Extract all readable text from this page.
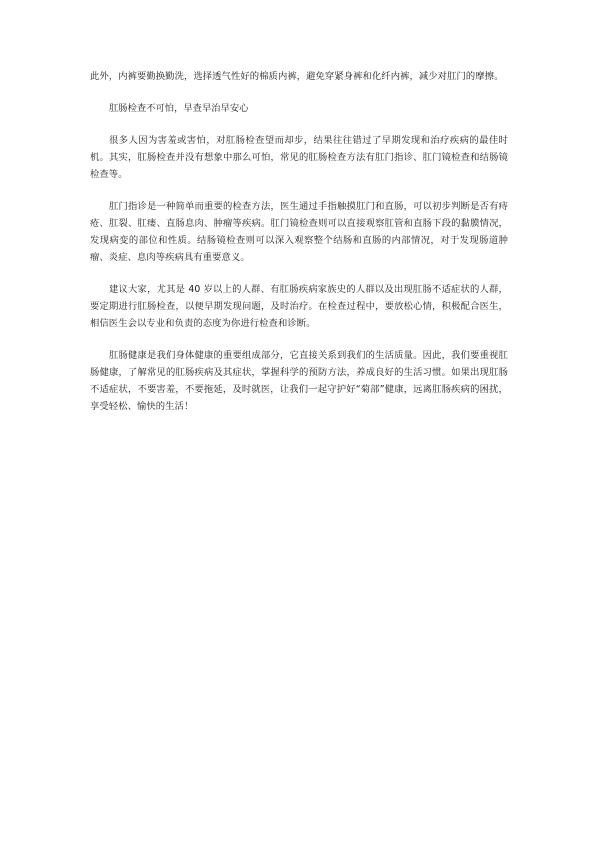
此外，内裤要勤换勤洗，选择透气性好的棉质内裤，避免穿紧身裤和化纤内裤，减少对肛门的摩擦。

肛肠检查不可怕，早查早治早安心

很多人因为害羞或害怕，对肛肠检查望而却步，结果往往错过了早期发现和治疗疾病的最佳时机。其实，肛肠检查并没有想象中那么可怕，常见的肛肠检查方法有肛门指诊、肛门镜检查和结肠镜检查等。

肛门指诊是一种简单而重要的检查方法，医生通过手指触摸肛门和直肠，可以初步判断是否有痔疮、肛裂、肛瘘、直肠息肉、肿瘤等疾病。肛门镜检查则可以直接观察肛管和直肠下段的黏膜情况，发现病变的部位和性质。结肠镜检查则可以深入观察整个结肠和直肠的内部情况，对于发现肠道肿瘤、炎症、息肉等疾病具有重要意义。

建议大家，尤其是 40 岁以上的人群、有肛肠疾病家族史的人群以及出现肛肠不适症状的人群，要定期进行肛肠检查，以便早期发现问题，及时治疗。在检查过程中，要放松心情，积极配合医生，相信医生会以专业和负责的态度为你进行检查和诊断。

肛肠健康是我们身体健康的重要组成部分，它直接关系到我们的生活质量。因此，我们要重视肛肠健康，了解常见的肛肠疾病及其症状，掌握科学的预防方法，养成良好的生活习惯。如果出现肛肠不适症状，不要害羞，不要拖延，及时就医，让我们一起守护好“菊部”健康，远离肛肠疾病的困扰，享受轻松、愉快的生活！
